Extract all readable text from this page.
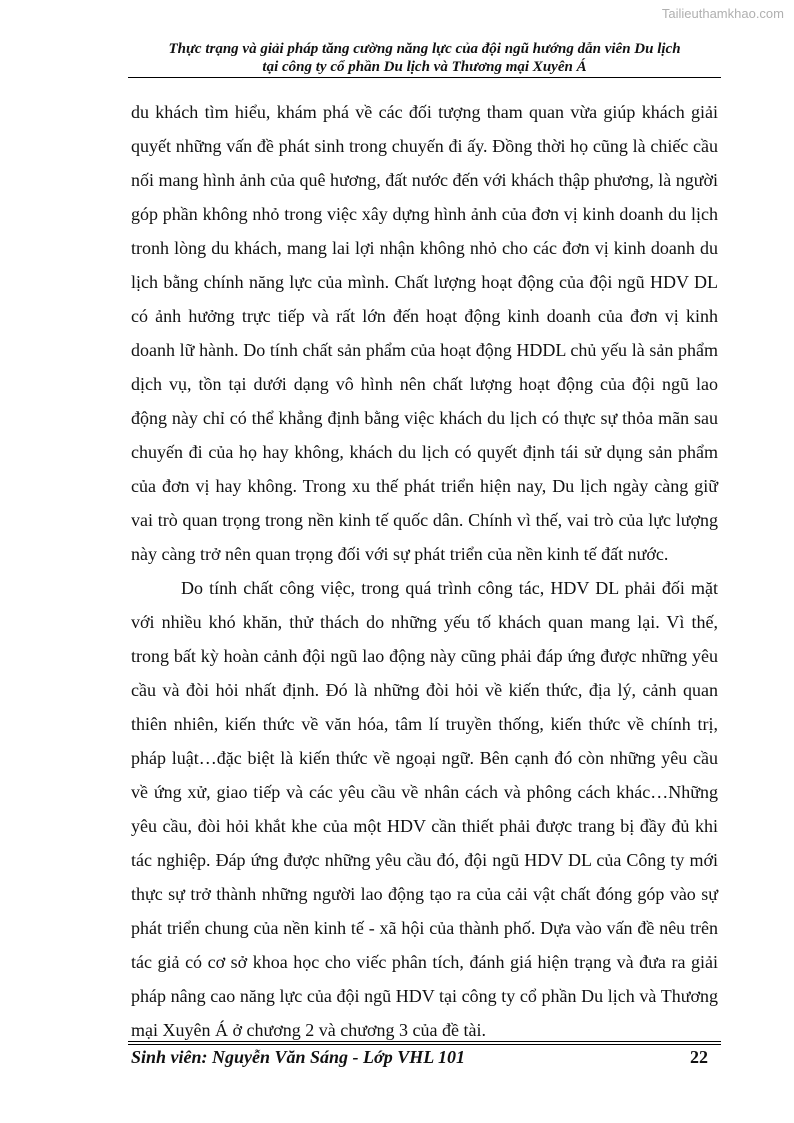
Tailieuthamkhao.com
Thực trạng và giải pháp tăng cường năng lực của đội ngũ hướng dẫn viên Du lịch
tại công ty cổ phần Du lịch và Thương mại Xuyên Á

du khách tìm hiểu, khám phá về các đối tượng tham quan vừa giúp khách giải quyết những vấn đề phát sinh trong chuyến đi ấy. Đồng thời họ cũng là chiếc cầu nối mang hình ảnh của quê hương, đất nước đến với khách thập phương, là người góp phần không nhỏ trong việc xây dựng hình ảnh của đơn vị kinh doanh du lịch tronh lòng du khách, mang lai lợi nhận không nhỏ cho các đơn vị kinh doanh du lịch bằng chính năng lực của mình. Chất lượng hoạt động của đội ngũ HDV DL có ảnh hưởng trực tiếp và rất lớn đến hoạt động kinh doanh của đơn vị kinh doanh lữ hành. Do tính chất sản phẩm của hoạt động HDDL chủ yếu là sản phẩm dịch vụ, tồn tại dưới dạng vô hình nên chất lượng hoạt động của đội ngũ lao động này chỉ có thể khẳng định bằng việc khách du lịch có thực sự thỏa mãn sau chuyến đi của họ hay không, khách du lịch có quyết định tái sử dụng sản phẩm của đơn vị hay không. Trong xu thế phát triển hiện nay, Du lịch ngày càng giữ vai trò quan trọng trong nền kinh tế quốc dân. Chính vì thế, vai trò của lực lượng này càng trở nên quan trọng đối với sự phát triển của nền kinh tế đất nước.

Do tính chất công việc, trong quá trình công tác, HDV DL phải đối mặt với nhiều khó khăn, thử thách do những yếu tố khách quan mang lại. Vì thế, trong bất kỳ hoàn cảnh đội ngũ lao động này cũng phải đáp ứng được những yêu cầu và đòi hỏi nhất định. Đó là những đòi hỏi về kiến thức, địa lý, cảnh quan thiên nhiên, kiến thức về văn hóa, tâm lí truyền thống, kiến thức về chính trị, pháp luật…đặc biệt là kiến thức về ngoại ngữ. Bên cạnh đó còn những yêu cầu về ứng xử, giao tiếp và các yêu cầu về nhân cách và phông cách khác…Những yêu cầu, đòi hỏi khắt khe của một HDV cần thiết phải được trang bị đầy đủ khi tác nghiệp. Đáp ứng được những yêu cầu đó, đội ngũ HDV DL của Công ty mới thực sự trở thành những người lao động tạo ra của cải vật chất đóng góp vào sự phát triển chung của nền kinh tế - xã hội của thành phố. Dựa vào vấn đề nêu trên tác giả có cơ sở khoa học cho viếc phân tích, đánh giá hiện trạng và đưa ra giải pháp nâng cao năng lực của đội ngũ HDV tại công ty cổ phần Du lịch và Thương mại Xuyên Á ở chương 2 và chương 3 của đề tài.

Sinh viên: Nguyễn Văn Sáng - Lớp VHL 101	22
